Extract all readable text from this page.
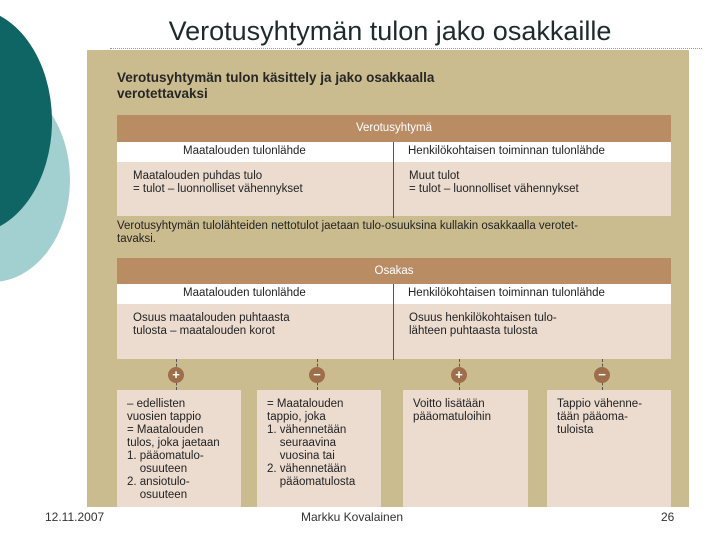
Verotusyhtymän tulon jako osakkaille
Verotusyhtymän tulon käsittely ja jako osakkaalla
verotettavaksi
Verotusyhtymä
Maatalouden tulonlähde	Henkilökohtaisen toiminnan tulonlähde
Maatalouden puhdas tulo
= tulot – luonnolliset vähennykset
Muut tulot
= tulot – luonnolliset vähennykset
Verotusyhtymän tulolähteiden nettotulot jaetaan tulo-osuuksina kullakin osakkaalla verotet-
tavaksi.
Osakas
Maatalouden tulonlähde	Henkilökohtaisen toiminnan tulonlähde
Osuus maatalouden puhtaasta
tulosta – maatalouden korot
Osuus henkilökohtaisen tulo-
lähteen puhtaasta tulosta
+	−	+	−
– edellisten
vuosien tappio
= Maatalouden
tulos, joka jaetaan
1. pääomatulo-
osuuteen
2. ansiotulo-
osuuteen
= Maatalouden
tappio, joka
1. vähennetään
seuraavina
vuosina tai
2. vähennetään
pääomatulosta
Voitto lisätään
pääomatuloihin
Tappio vähenne-
tään pääoma-
tuloista
12.11.2007	Markku Kovalainen	26
